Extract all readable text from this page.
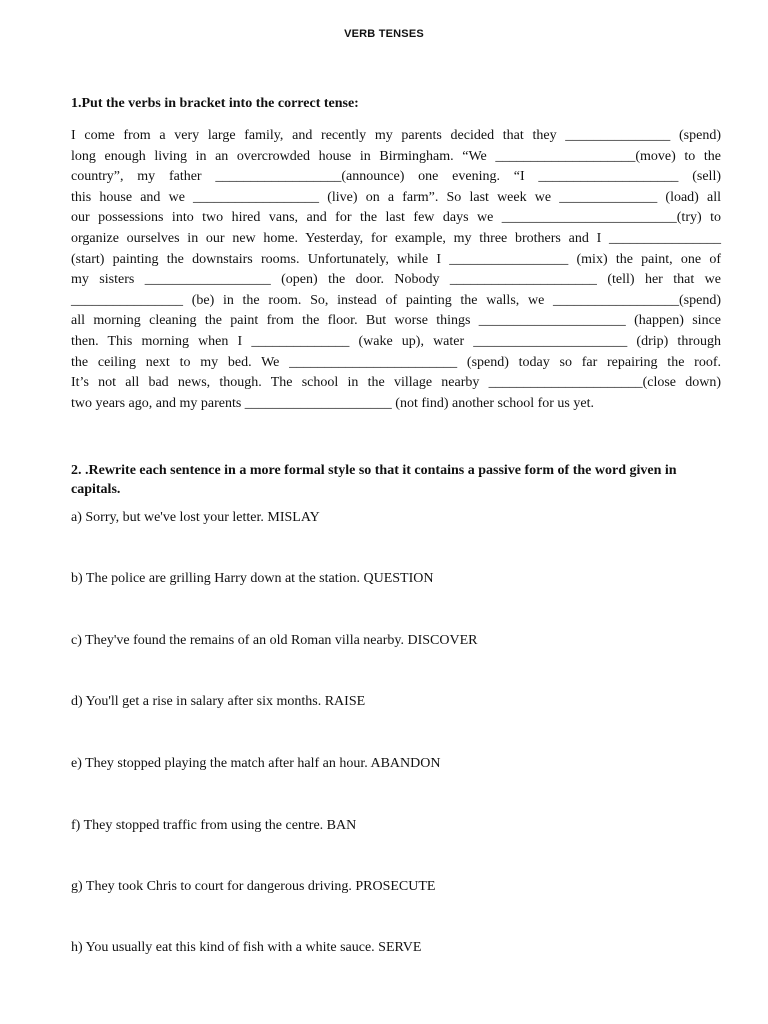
VERB TENSES
1.Put the verbs in bracket into the correct tense:
I come from a very large family, and recently my parents decided that they _______________ (spend)
long enough living in an overcrowded house in Birmingham. “We ____________________(move) to the
country”, my father __________________(announce) one evening. “I ____________________ (sell)
this house and we __________________ (live) on a farm”. So last week we ______________ (load) all
our possessions into two hired vans, and for the last few days we _________________________(try) to
organize ourselves in our new home. Yesterday, for example, my three brothers and I ________________
(start) painting the downstairs rooms. Unfortunately, while I _________________ (mix) the paint, one of
my sisters __________________ (open) the door. Nobody _____________________ (tell) her that we
________________ (be) in the room. So, instead of painting the walls, we __________________(spend)
all morning cleaning the paint from the floor. But worse things _____________________ (happen) since
then. This morning when I ______________ (wake up), water ______________________ (drip) through
the ceiling next to my bed. We ________________________ (spend) today so far repairing the roof.
It’s not all bad news, though. The school in the village nearby ______________________(close down)
two years ago, and my parents _____________________ (not find) another school for us yet.
2. .Rewrite each sentence in a more formal style so that it contains a passive form of the word given in capitals.
a) Sorry, but we've lost your letter. MISLAY
b) The police are grilling Harry down at the station. QUESTION
c) They've found the remains of an old Roman villa nearby. DISCOVER
d) You'll get a rise in salary after six months. RAISE
e) They stopped playing the match after half an hour. ABANDON
f) They stopped traffic from using the centre. BAN
g) They took Chris to court for dangerous driving. PROSECUTE
h) You usually eat this kind of fish with a white sauce. SERVE
